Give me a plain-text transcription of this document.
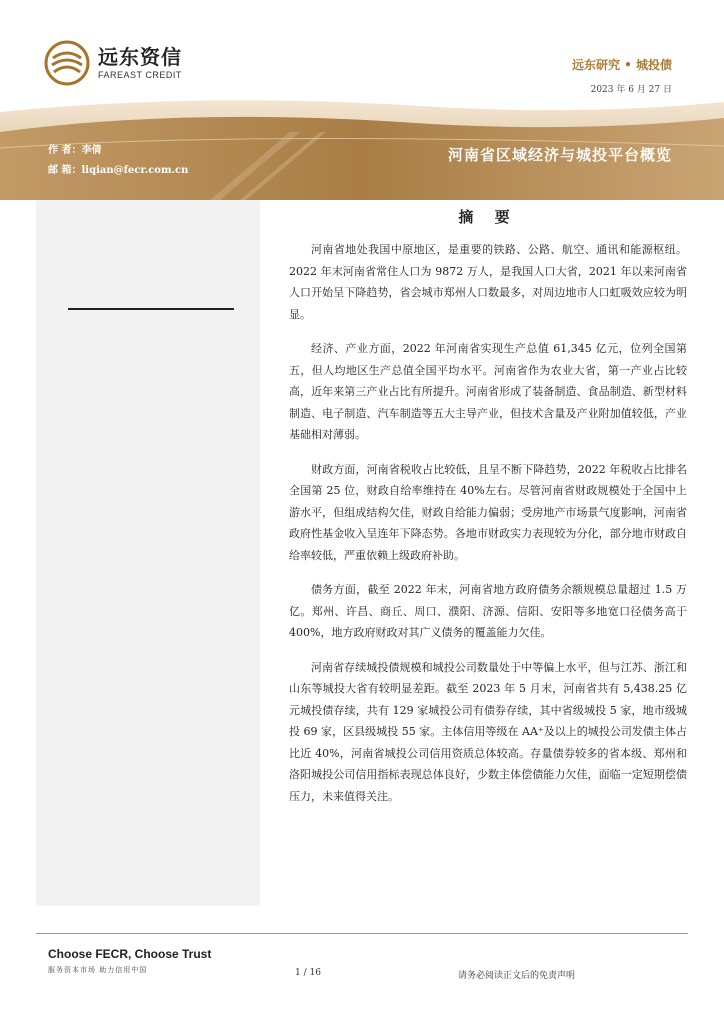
远东资信
FAREAST CREDIT
远东研究 • 城投债
2023 年 6 月 27 日
作 者：李倩
邮 箱：liqian@fecr.com.cn
河南省区域经济与城投平台概览
摘 要

河南省地处我国中原地区，是重要的铁路、公路、航空、通讯和能源枢纽。2022 年末河南省常住人口为 9872 万人，是我国人口大省，2021 年以来河南省人口开始呈下降趋势，省会城市郑州人口数最多，对周边地市人口虹吸效应较为明显。

经济、产业方面，2022 年河南省实现生产总值 61,345 亿元，位列全国第五，但人均地区生产总值全国平均水平。河南省作为农业大省，第一产业占比较高，近年来第三产业占比有所提升。河南省形成了装备制造、食品制造、新型材料制造、电子制造、汽车制造等五大主导产业，但技术含量及产业附加值较低，产业基础相对薄弱。

财政方面，河南省税收占比较低，且呈不断下降趋势，2022 年税收占比排名全国第 25 位，财政自给率维持在 40%左右。尽管河南省财政规模处于全国中上游水平，但组成结构欠佳，财政自给能力偏弱；受房地产市场景气度影响，河南省政府性基金收入呈连年下降态势。各地市财政实力表现较为分化，部分地市财政自给率较低，严重依赖上级政府补助。

债务方面，截至 2022 年末，河南省地方政府债务余额规模总量超过 1.5 万亿。郑州、许昌、商丘、周口、濮阳、济源、信阳、安阳等多地宽口径债务高于 400%，地方政府财政对其广义债务的覆盖能力欠佳。

河南省存续城投债规模和城投公司数量处于中等偏上水平，但与江苏、浙江和山东等城投大省有较明显差距。截至 2023 年 5 月末，河南省共有 5,438.25 亿元城投债存续，共有 129 家城投公司有债券存续，其中省级城投 5 家，地市级城投 69 家，区县级城投 55 家。主体信用等级在 AA⁺及以上的城投公司发债主体占比近 40%，河南省城投公司信用资质总体较高。存量债券较多的省本级、郑州和洛阳城投公司信用指标表现总体良好，少数主体偿债能力欠佳，面临一定短期偿债压力，未来值得关注。

Choose FECR, Choose Trust
服务资本市场 助力信用中国	1 / 16	请务必阅读正文后的免责声明
